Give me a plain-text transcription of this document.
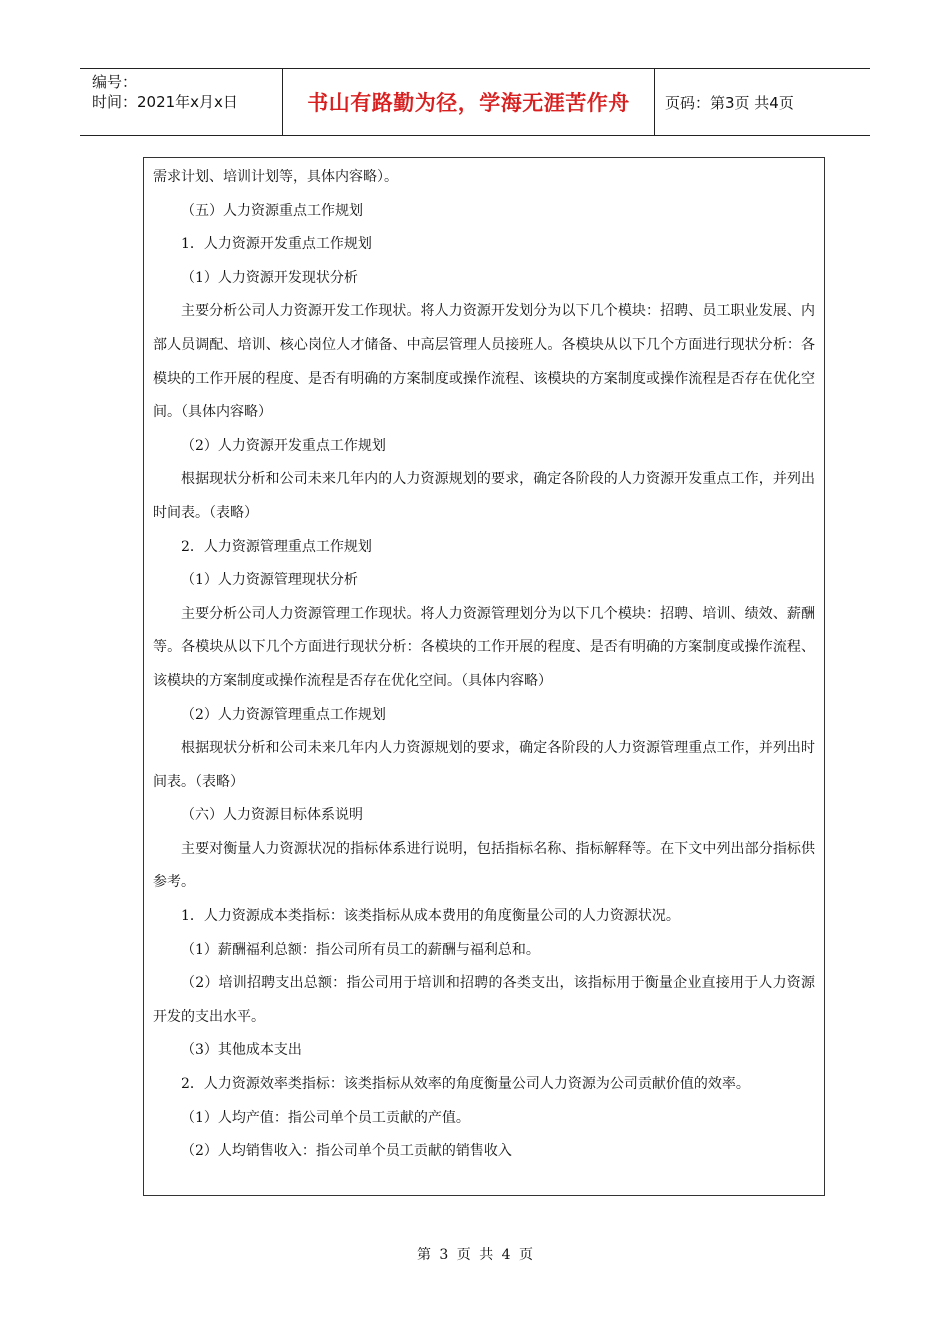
编号：
时间：2021年x月x日	书山有路勤为径，学海无涯苦作舟	页码：第3页 共4页

需求计划、培训计划等，具体内容略）。

（五）人力资源重点工作规划

1．人力资源开发重点工作规划

（1）人力资源开发现状分析

主要分析公司人力资源开发工作现状。将人力资源开发划分为以下几个模块：招聘、员工职业发展、内部人员调配、培训、核心岗位人才储备、中高层管理人员接班人。各模块从以下几个方面进行现状分析：各模块的工作开展的程度、是否有明确的方案制度或操作流程、该模块的方案制度或操作流程是否存在优化空间。（具体内容略）

（2）人力资源开发重点工作规划

根据现状分析和公司未来几年内的人力资源规划的要求，确定各阶段的人力资源开发重点工作，并列出时间表。（表略）

2．人力资源管理重点工作规划

（1）人力资源管理现状分析

主要分析公司人力资源管理工作现状。将人力资源管理划分为以下几个模块：招聘、培训、绩效、薪酬等。各模块从以下几个方面进行现状分析：各模块的工作开展的程度、是否有明确的方案制度或操作流程、该模块的方案制度或操作流程是否存在优化空间。（具体内容略）

（2）人力资源管理重点工作规划

根据现状分析和公司未来几年内人力资源规划的要求，确定各阶段的人力资源管理重点工作，并列出时间表。（表略）

（六）人力资源目标体系说明

主要对衡量人力资源状况的指标体系进行说明，包括指标名称、指标解释等。在下文中列出部分指标供参考。

1．人力资源成本类指标：该类指标从成本费用的角度衡量公司的人力资源状况。

（1）薪酬福利总额：指公司所有员工的薪酬与福利总和。

（2）培训招聘支出总额：指公司用于培训和招聘的各类支出，该指标用于衡量企业直接用于人力资源开发的支出水平。

（3）其他成本支出

2．人力资源效率类指标：该类指标从效率的角度衡量公司人力资源为公司贡献价值的效率。

（1）人均产值：指公司单个员工贡献的产值。

（2）人均销售收入：指公司单个员工贡献的销售收入

第 3 页 共 4 页
